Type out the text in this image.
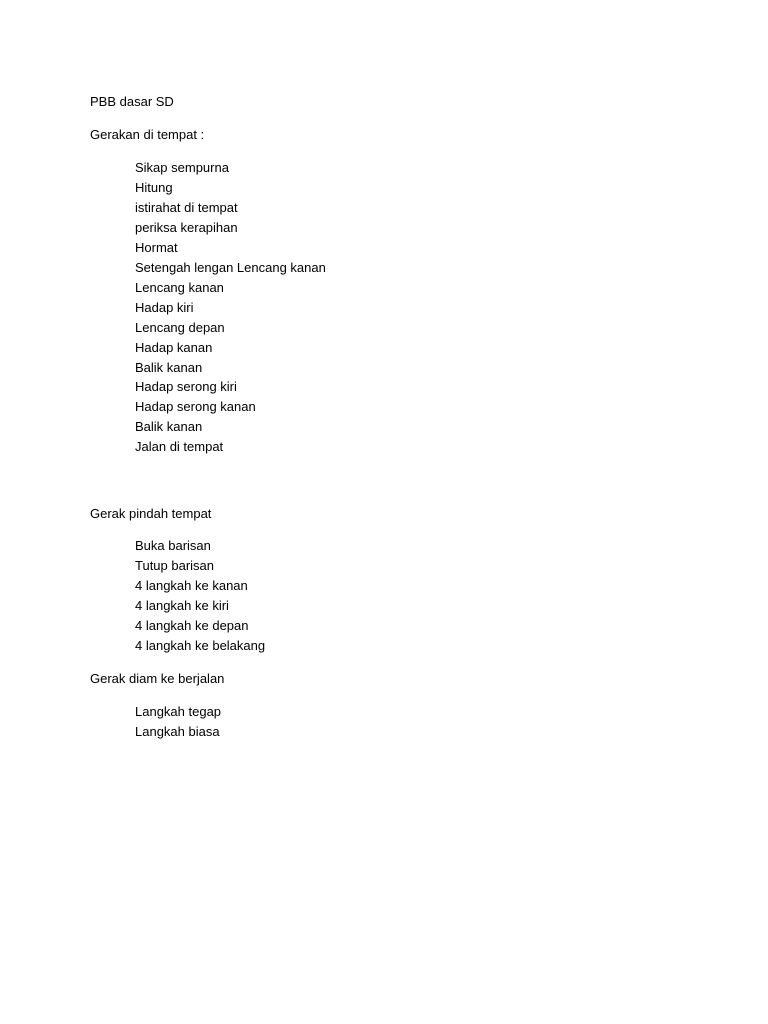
PBB dasar SD
Gerakan di tempat :
Sikap sempurna
Hitung
istirahat di tempat
periksa kerapihan
Hormat
Setengah lengan Lencang kanan
Lencang kanan
Hadap kiri
Lencang depan
Hadap kanan
Balik kanan
Hadap serong kiri
Hadap serong kanan
Balik kanan
Jalan di tempat
Gerak pindah tempat
Buka barisan
Tutup barisan
4 langkah ke kanan
4 langkah ke kiri
4 langkah ke depan
4 langkah ke belakang
Gerak diam ke berjalan
Langkah tegap
Langkah biasa
